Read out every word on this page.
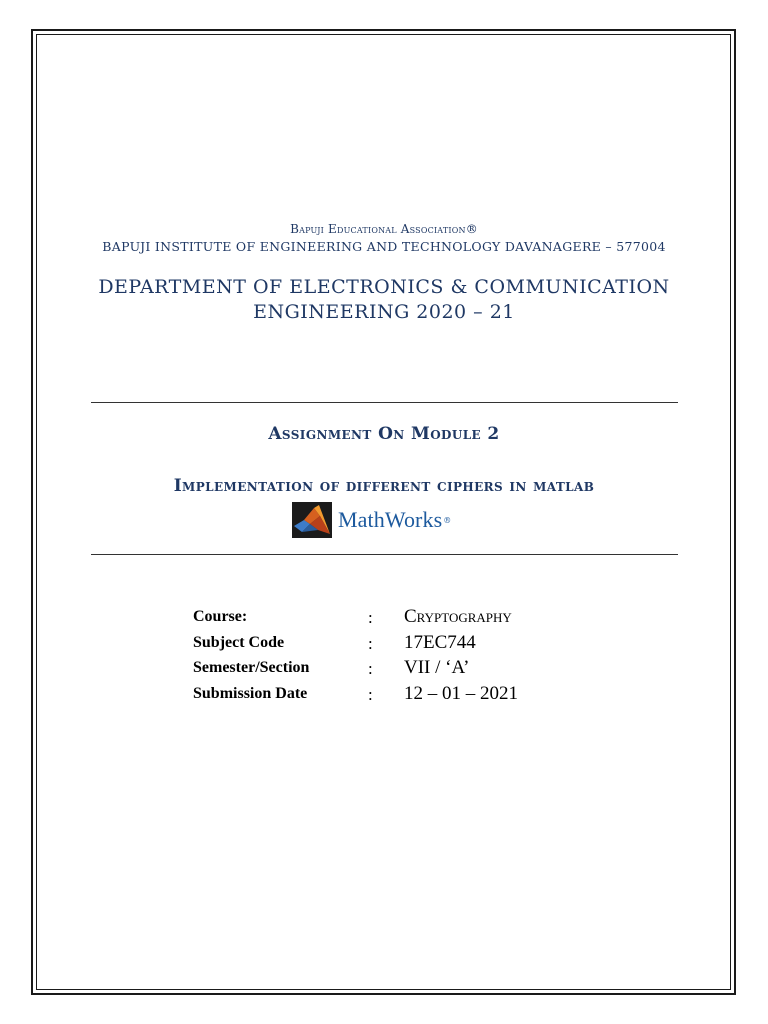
Bapuji Educational Association®
BAPUJI INSTITUTE OF ENGINEERING AND TECHNOLOGY DAVANAGERE – 577004
DEPARTMENT OF ELECTRONICS & COMMUNICATION
ENGINEERING 2020 – 21
Assignment On Module 2
Implementation of different ciphers in matlab
MathWorks ®
Course:	: Cryptography
Subject Code	: 17EC744
Semester/Section	: VII / ‘A’
Submission Date	: 12 – 01 – 2021
